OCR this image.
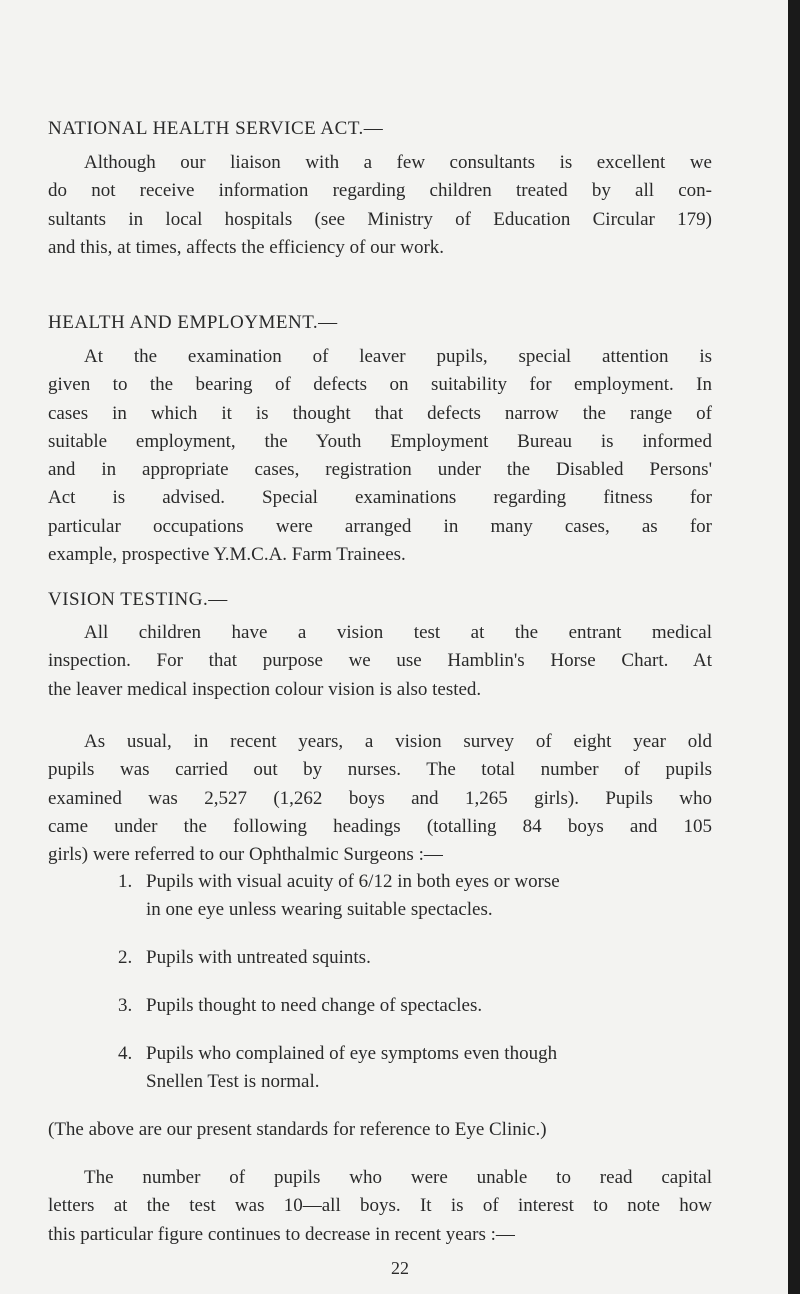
NATIONAL HEALTH SERVICE ACT.—
Although our liaison with a few consultants is excellent we
do not receive information regarding children treated by all con-
sultants in local hospitals (see Ministry of Education Circular 179)
and this, at times, affects the efficiency of our work.
HEALTH AND EMPLOYMENT.—
At the examination of leaver pupils, special attention is
given to the bearing of defects on suitability for employment. In
cases in which it is thought that defects narrow the range of
suitable employment, the Youth Employment Bureau is informed
and in appropriate cases, registration under the Disabled Persons'
Act is advised. Special examinations regarding fitness for
particular occupations were arranged in many cases, as for
example, prospective Y.M.C.A. Farm Trainees.
VISION TESTING.—
All children have a vision test at the entrant medical
inspection. For that purpose we use Hamblin's Horse Chart. At
the leaver medical inspection colour vision is also tested.
As usual, in recent years, a vision survey of eight year old
pupils was carried out by nurses. The total number of pupils
examined was 2,527 (1,262 boys and 1,265 girls). Pupils who
came under the following headings (totalling 84 boys and 105
girls) were referred to our Ophthalmic Surgeons :—
1. Pupils with visual acuity of 6/12 in both eyes or worse
in one eye unless wearing suitable spectacles.
2. Pupils with untreated squints.
3. Pupils thought to need change of spectacles.
4. Pupils who complained of eye symptoms even though
Snellen Test is normal.
(The above are our present standards for reference to Eye Clinic.)
The number of pupils who were unable to read capital
letters at the test was 10—all boys. It is of interest to note how
this particular figure continues to decrease in recent years :—
22
